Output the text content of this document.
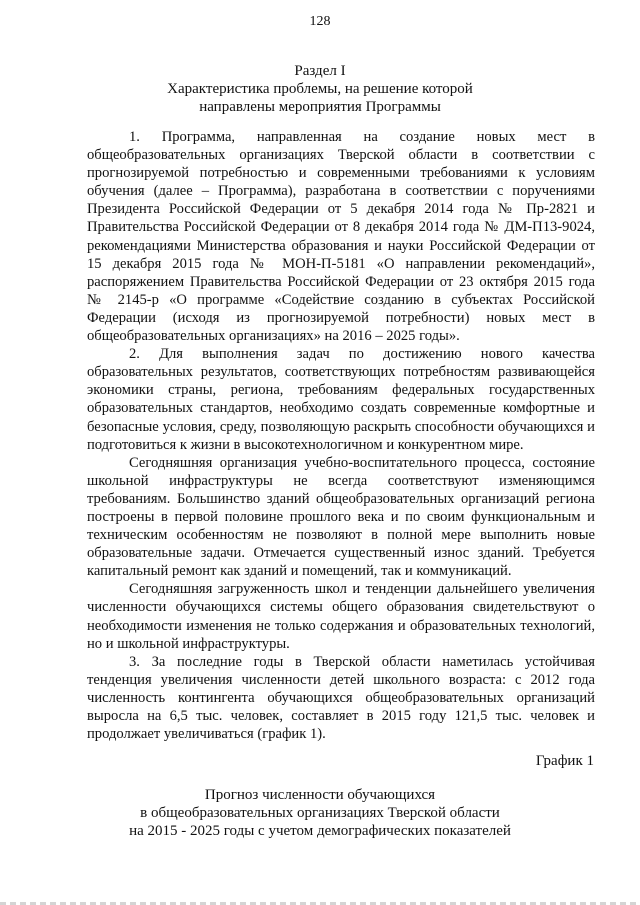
128
Раздел I
Характеристика проблемы, на решение которой
направлены мероприятия Программы

1. Программа, направленная на создание новых мест в общеобразовательных организациях Тверской области в соответствии с прогнозируемой потребностью и современными требованиями к условиям обучения (далее – Программа), разработана в соответствии с поручениями Президента Российской Федерации от 5 декабря 2014 года № Пр-2821 и Правительства Российской Федерации от 8 декабря 2014 года № ДМ-П13-9024, рекомендациями Министерства образования и науки Российской Федерации от 15 декабря 2015 года № МОН-П-5181 «О направлении рекомендаций», распоряжением Правительства Российской Федерации от 23 октября 2015 года № 2145-р «О программе «Содействие созданию в субъектах Российской Федерации (исходя из прогнозируемой потребности) новых мест в общеобразовательных организациях» на 2016 – 2025 годы».

2. Для выполнения задач по достижению нового качества образовательных результатов, соответствующих потребностям развивающейся экономики страны, региона, требованиям федеральных государственных образовательных стандартов, необходимо создать современные комфортные и безопасные условия, среду, позволяющую раскрыть способности обучающихся и подготовиться к жизни в высокотехнологичном и конкурентном мире.

Сегодняшняя организация учебно-воспитательного процесса, состояние школьной инфраструктуры не всегда соответствуют изменяющимся требованиям. Большинство зданий общеобразовательных организаций региона построены в первой половине прошлого века и по своим функциональным и техническим особенностям не позволяют в полной мере выполнить новые образовательные задачи. Отмечается существенный износ зданий. Требуется капитальный ремонт как зданий и помещений, так и коммуникаций.

Сегодняшняя загруженность школ и тенденции дальнейшего увеличения численности обучающихся системы общего образования свидетельствуют о необходимости изменения не только содержания и образовательных технологий, но и школьной инфраструктуры.

3. За последние годы в Тверской области наметилась устойчивая тенденция увеличения численности детей школьного возраста: с 2012 года численность контингента обучающихся общеобразовательных организаций выросла на 6,5 тыс. человек, составляет в 2015 году 121,5 тыс. человек и продолжает увеличиваться (график 1).

График 1
Прогноз численности обучающихся
в общеобразовательных организациях Тверской области
на 2015 - 2025 годы с учетом демографических показателей
